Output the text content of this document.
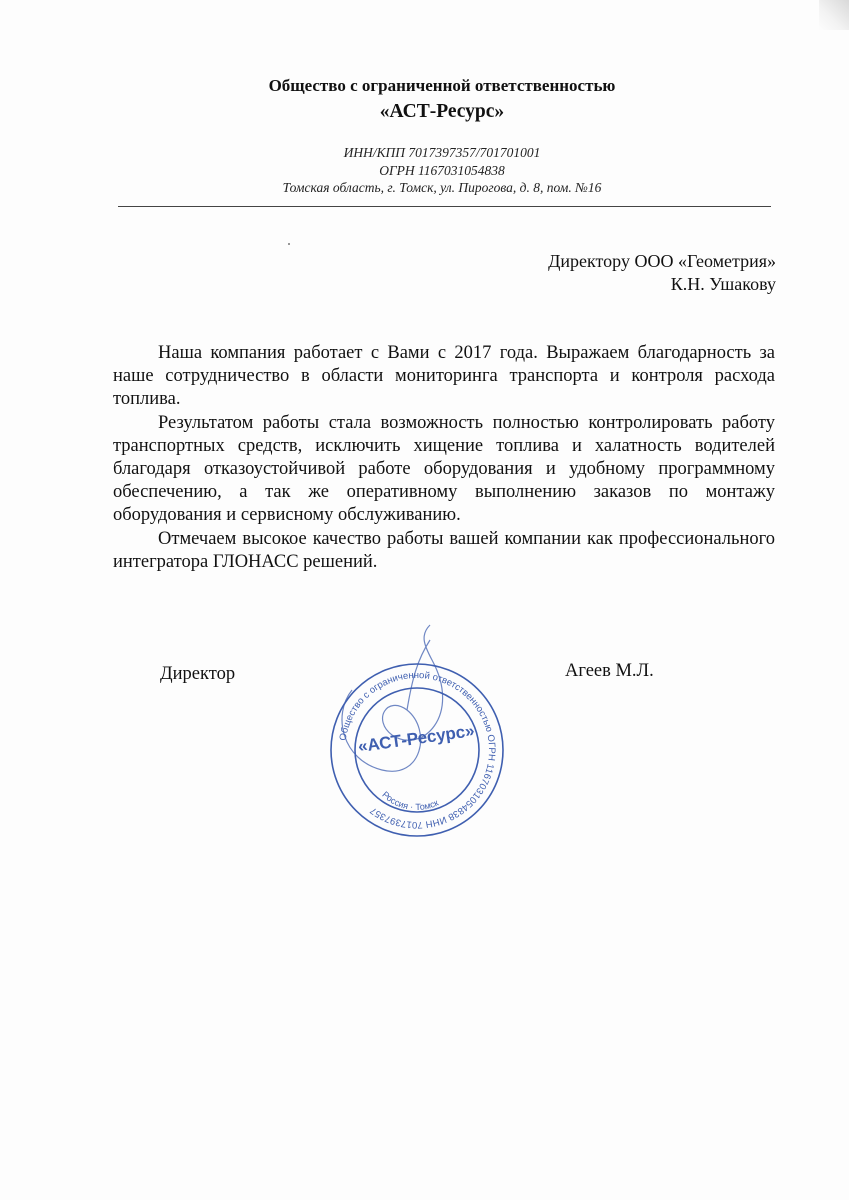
Общество с ограниченной ответственностью
«АСТ-Ресурс»
ИНН/КПП 7017397357/701701001
ОГРН 1167031054838
Томская область, г. Томск, ул. Пирогова, д. 8, пом. №16
Директору ООО «Геометрия»
К.Н. Ушакову

Наша компания работает с Вами с 2017 года. Выражаем благодарность за наше сотрудничество в области мониторинга транспорта и контроля расхода топлива.

Результатом работы стала возможность полностью контролировать работу транспортных средств, исключить хищение топлива и халатность водителей благодаря отказоустойчивой работе оборудования и удобному программному обеспечению, а так же оперативному выполнению заказов по монтажу оборудования и сервисному обслуживанию.

Отмечаем высокое качество работы вашей компании как профессионального интегратора ГЛОНАСС решений.

Директор
Общество с ограниченной ответственностью ОГРН 1167031054838 ИНН 7017397357
«АСТ-Ресурс»
Россия · Томск
Агеев М.Л.
